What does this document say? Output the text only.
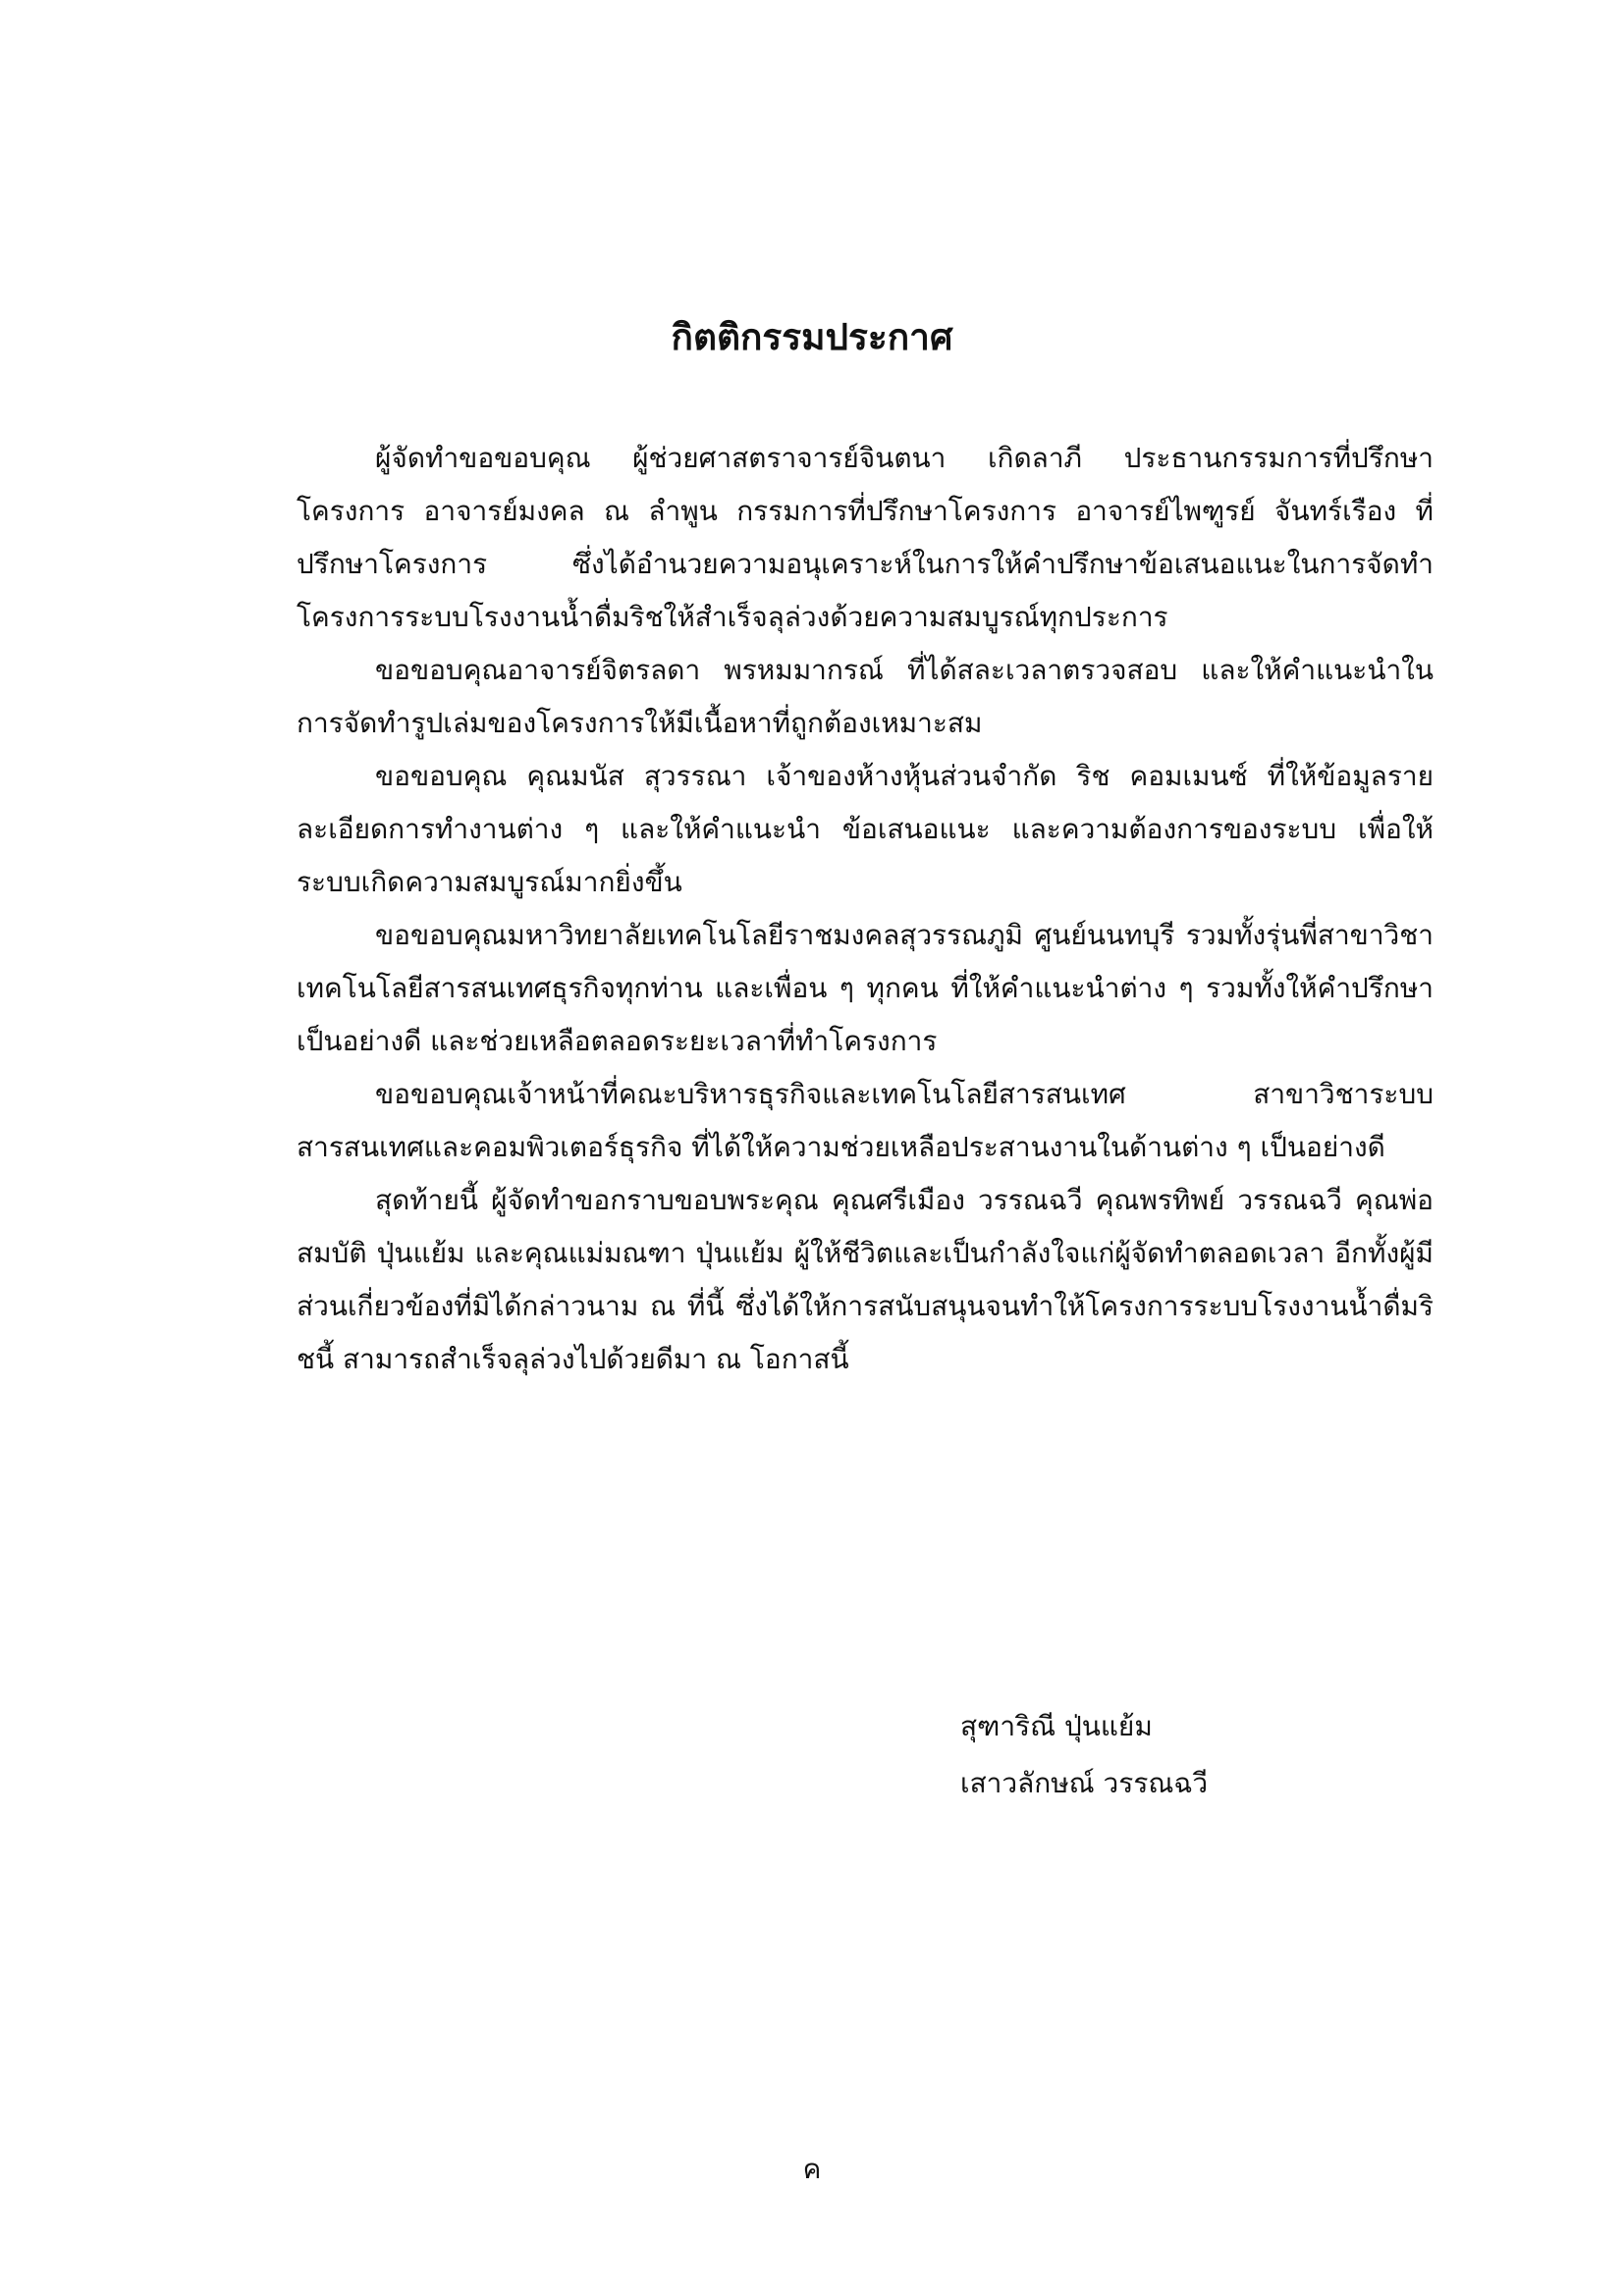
กิตติกรรมประกาศ

ผู้จัดทำขอขอบคุณ ผู้ช่วยศาสตราจารย์จินตนา เกิดลาภี ประธานกรรมการที่ปรึกษาโครงการ อาจารย์มงคล ณ ลำพูน กรรมการที่ปรึกษาโครงการ อาจารย์ไพฑูรย์ จันทร์เรือง ที่ปรึกษาโครงการ ซึ่งได้อำนวยความอนุเคราะห์ในการให้คำปรึกษาข้อเสนอแนะในการจัดทำโครงการระบบโรงงานน้ำดื่มริชให้สำเร็จลุล่วงด้วยความสมบูรณ์ทุกประการ

ขอขอบคุณอาจารย์จิตรลดา พรหมมากรณ์ ที่ได้สละเวลาตรวจสอบ และให้คำแนะนำในการจัดทำรูปเล่มของโครงการให้มีเนื้อหาที่ถูกต้องเหมาะสม

ขอขอบคุณ คุณมนัส สุวรรณา เจ้าของห้างหุ้นส่วนจำกัด ริช คอมเมนซ์ ที่ให้ข้อมูลรายละเอียดการทำงานต่าง ๆ และให้คำแนะนำ ข้อเสนอแนะ และความต้องการของระบบ เพื่อให้ระบบเกิดความสมบูรณ์มากยิ่งขึ้น

ขอขอบคุณมหาวิทยาลัยเทคโนโลยีราชมงคลสุวรรณภูมิ ศูนย์นนทบุรี รวมทั้งรุ่นพี่สาขาวิชาเทคโนโลยีสารสนเทศธุรกิจทุกท่าน และเพื่อน ๆ ทุกคน ที่ให้คำแนะนำต่าง ๆ รวมทั้งให้คำปรึกษาเป็นอย่างดี และช่วยเหลือตลอดระยะเวลาที่ทำโครงการ

ขอขอบคุณเจ้าหน้าที่คณะบริหารธุรกิจและเทคโนโลยีสารสนเทศ สาขาวิชาระบบสารสนเทศและคอมพิวเตอร์ธุรกิจ ที่ได้ให้ความช่วยเหลือประสานงานในด้านต่าง ๆ เป็นอย่างดี

สุดท้ายนี้ ผู้จัดทำขอกราบขอบพระคุณ คุณศรีเมือง วรรณฉวี คุณพรทิพย์ วรรณฉวี คุณพ่อสมบัติ ปุ่นแย้ม และคุณแม่มณฑา ปุ่นแย้ม ผู้ให้ชีวิตและเป็นกำลังใจแก่ผู้จัดทำตลอดเวลา อีกทั้งผู้มีส่วนเกี่ยวข้องที่มิได้กล่าวนาม ณ ที่นี้ ซึ่งได้ให้การสนับสนุนจนทำให้โครงการระบบโรงงานน้ำดื่มริชนี้ สามารถสำเร็จลุล่วงไปด้วยดีมา ณ โอกาสนี้

สุฑาริณี ปุ่นแย้ม
เสาวลักษณ์ วรรณฉวี
ค
